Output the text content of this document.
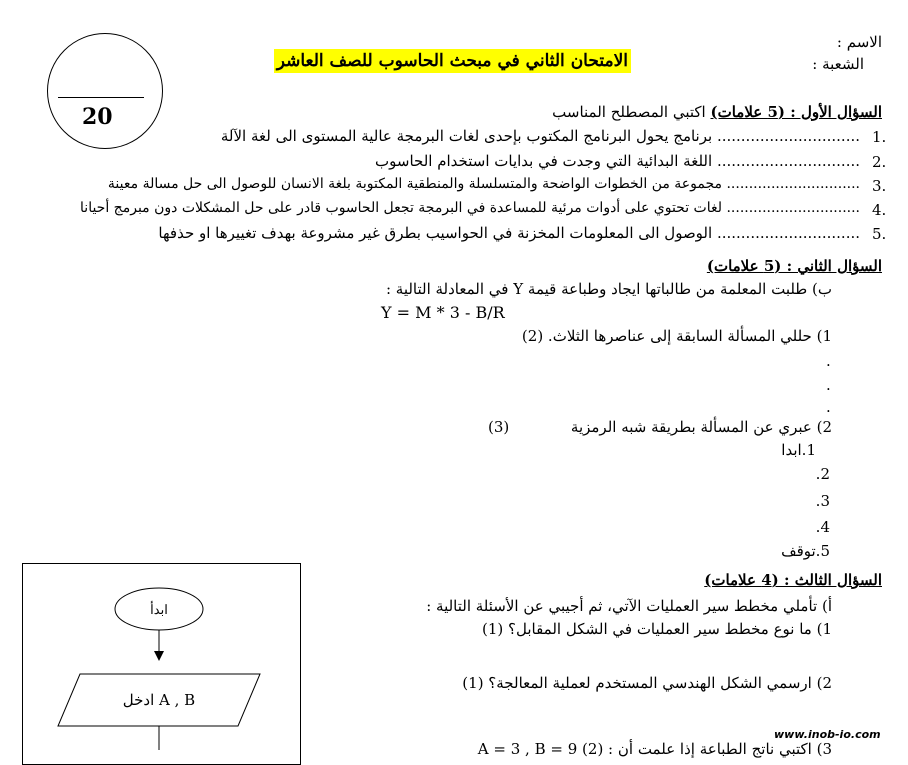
الاسم :
الشعبة :
الامتحان الثاني في مبحث الحاسوب للصف العاشر
20	السؤال الأول : (5 علامات) اكتبي المصطلح المناسب
1.
.............................. برنامج يحول البرنامج المكتوب بإحدى لغات البرمجة عالية المستوى الى لغة الآلة
2.
.............................. اللغة البدائية التي وجدت في بدايات استخدام الحاسوب
3.
.............................. مجموعة من الخطوات الواضحة والمتسلسلة والمنطقية المكتوبة بلغة الانسان للوصول الى حل مسالة معينة
4.
.............................. لغات تحتوي على أدوات مرئية للمساعدة في البرمجة تجعل الحاسوب قادر على حل المشكلات دون مبرمج أحيانا
5.
.............................. الوصول الى المعلومات المخزنة في الحواسيب بطرق غير مشروعة بهدف تغييرها او حذفها
السؤال الثاني : (5 علامات)
ب) طلبت المعلمة من طالباتها ايجاد وطباعة قيمة Y في المعادلة التالية :
Y = M * 3 - B/R
1) حللي المسألة السابقة إلى عناصرها الثلاث. (2)
.
.
.
2) عبري عن المسألة بطريقة شبه الرمزية
(3)
1.ابدا
2.
3.
4.
5.توقف
السؤال الثالث : (4 علامات)
أ) تأملي مخطط سير العمليات الآتي، ثم أجيبي عن الأسئلة التالية :
1) ما نوع مخطط سير العمليات في الشكل المقابل؟ (1)
2) ارسمي الشكل الهندسي المستخدم لعملية المعالجة؟ (1)
3) اكتبي ناتج الطباعة إذا علمت أن : (2) A = 3 , B = 9
ابدأ
ادخل A , B
www.inob-io.com
